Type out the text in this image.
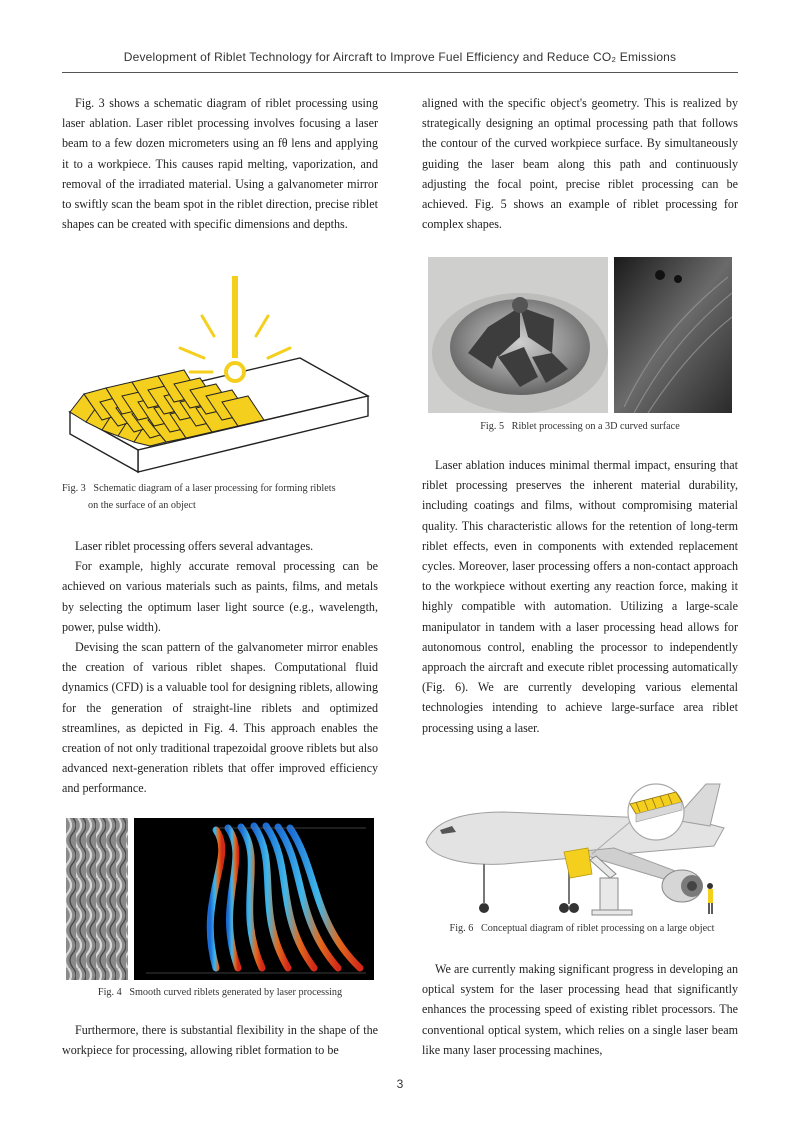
Development of Riblet Technology for Aircraft to Improve Fuel Efficiency and Reduce CO₂ Emissions

Fig. 3 shows a schematic diagram of riblet processing using laser ablation. Laser riblet processing involves focusing a laser beam to a few dozen micrometers using an fθ lens and applying it to a workpiece. This causes rapid melting, vaporization, and removal of the irradiated material. Using a galvanometer mirror to swiftly scan the beam spot in the riblet direction, precise riblet shapes can be created with specific dimensions and depths.

Fig. 3  Schematic diagram of a laser processing for forming riblets
on the surface of an object

Laser riblet processing offers several advantages.

For example, highly accurate removal processing can be achieved on various materials such as paints, films, and metals by selecting the optimum laser light source (e.g., wavelength, power, pulse width).

Devising the scan pattern of the galvanometer mirror enables the creation of various riblet shapes. Computational fluid dynamics (CFD) is a valuable tool for designing riblets, allowing for the generation of straight-line riblets and optimized streamlines, as depicted in Fig. 4. This approach enables the creation of not only traditional trapezoidal groove riblets but also advanced next-generation riblets that offer improved efficiency and performance.

Fig. 4  Smooth curved riblets generated by laser processing

Furthermore, there is substantial flexibility in the shape of the workpiece for processing, allowing riblet formation to be

aligned with the specific object's geometry. This is realized by strategically designing an optimal processing path that follows the contour of the curved workpiece surface. By simultaneously guiding the laser beam along this path and continuously adjusting the focal point, precise riblet processing can be achieved. Fig. 5 shows an example of riblet processing for complex shapes.

Fig. 5  Riblet processing on a 3D curved surface

Laser ablation induces minimal thermal impact, ensuring that riblet processing preserves the inherent material durability, including coatings and films, without compromising material quality. This characteristic allows for the retention of long-term riblet effects, even in components with extended replacement cycles. Moreover, laser processing offers a non-contact approach to the workpiece without exerting any reaction force, making it highly compatible with automation. Utilizing a large-scale manipulator in tandem with a laser processing head allows for autonomous control, enabling the processor to independently approach the aircraft and execute riblet processing automatically (Fig. 6). We are currently developing various elemental technologies intending to achieve large-surface area riblet processing using a laser.

Fig. 6  Conceptual diagram of riblet processing on a large object

We are currently making significant progress in developing an optical system for the laser processing head that significantly enhances the processing speed of existing riblet processors. The conventional optical system, which relies on a single laser beam like many laser processing machines,

3
